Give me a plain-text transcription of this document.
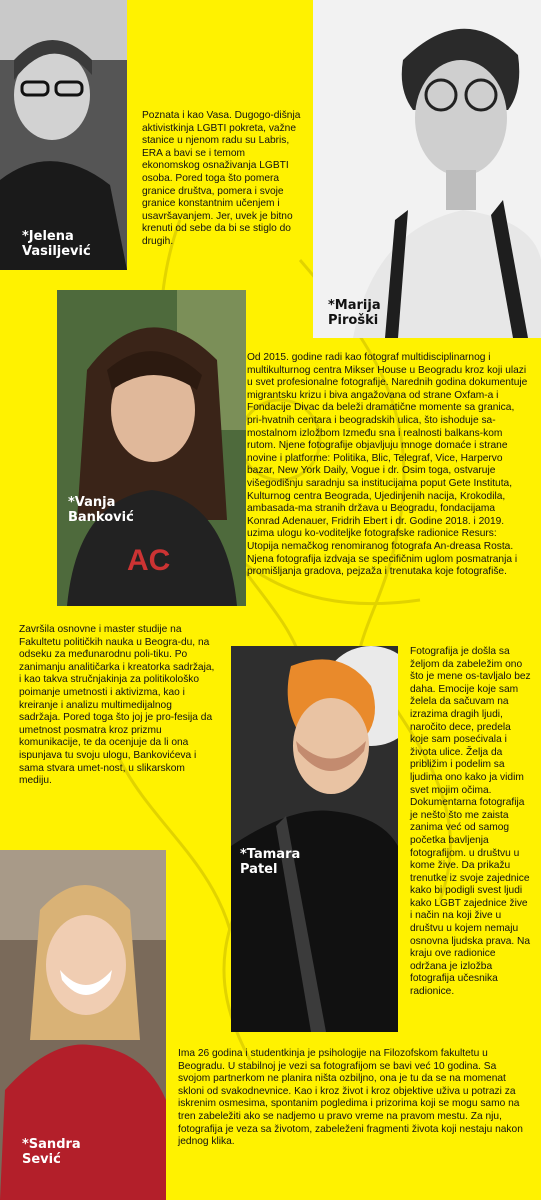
*Jelena
Vasiljević
Poznata i kao Vasa. Dugogo-dišnja aktivistkinja LGBTI pokreta, važne stanice u njenom radu su Labris, ERA a bavi se i temom ekonomskog osnaživanja LGBTI osoba. Pored toga što pomera granice društva, pomera i svoje granice konstantnim učenjem i usavršavanjem. Jer, uvek je bitno krenuti od sebe da bi se stiglo do drugih.
*Marija
Piroški
AC
*Vanja
Banković
Od 2015. godine radi kao fotograf multidisciplinarnog i multikulturnog centra Mikser House u Beogradu kroz koji ulazi u svet profesionalne fotografije. Narednih godina dokumentuje migrantsku krizu i biva angažovana od strane Oxfam-a i Fondacije Divac da beleži dramatične momente sa granica, pri-hvatnih centara i beogradskih ulica, što ishoduje sa-mostalnom izložbom Između sna i realnosti balkans-kom rutom. Njene fotografije objavljuju mnoge domaće i strane novine i platforme: Politika, Blic, Telegraf, Vice, Harpervo bazar, New York Daily, Vogue i dr. Osim toga, ostvaruje višegodišnju saradnju sa institucijama poput Gete Instituta, Kulturnog centra Beograda, Ujedinjenih nacija, Krokodila, ambasada-ma stranih država u Beogradu, fondacijama Konrad Adenauer, Fridrih Ebert i dr. Godine 2018. i 2019. uzima ulogu ko-voditeljke fotografske radionice Resurs: Utopija nemačkog renomiranog fotografa An-dreasa Rosta. Njena fotografija izdvaja se specifičnim uglom posmatranja i promišljanja gradova, pejzaža i trenutaka koje fotografiše.
Završila osnovne i master studije na Fakultetu političkih nauka u Beogra-du, na odseku za međunarodnu poli-tiku. Po zanimanju analitičarka i kreatorka sadržaja, i kao takva stručnjakinja za politikološko poimanje umetnosti i aktivizma, kao i kreiranje i analizu multimedijalnog sadržaja. Pored toga što joj je pro-fesija da umetnost posmatra kroz prizmu komunikacije, te da ocenjuje da li ona ispunjava tu svoju ulogu, Bankovićeva i sama stvara umet-nost, u slikarskom mediju.
*Tamara
Patel
Fotografija je došla sa željom da zabeležim ono što je mene os-tavljalo bez daha. Emocije koje sam želela da sačuvam na izrazima dragih ljudi, naročito dece, predela koje sam posećivala i života ulice. Želja da približim i podelim sa ljudima ono kako ja vidim svet mojim očima. Dokumentarna fotografija je nešto što me zaista zanima već od samog početka bavljenja fotografijom. u društvu u kome žive. Da prikažu trenutke iz svoje zajednice kako bi podigli svest ljudi kako LGBT zajednice žive i način na koji žive u društvu u kojem nemaju osnovna ljudska prava. Na kraju ove radionice održana je izložba fotografija učesnika radionice.
*Sandra
Sević
Ima 26 godina i studentkinja je psihologije na Filozofskom fakultetu u Beogradu. U stabilnoj je vezi sa fotografijom se bavi već 10 godina. Sa svojom partnerkom ne planira ništa ozbiljno, ona je tu da se na momenat skloni od svakodnevnice. Kao i kroz život i kroz objektive uživa u potrazi za iskrenim osmesima, spontanim pogledima i prizorima koji se mogu samo na tren zabeležiti ako se nadjemo u pravo vreme na pravom mestu. Za nju, fotografija je veza sa životom, zabeleženi fragmenti života koji nestaju nakon jednog klika.
